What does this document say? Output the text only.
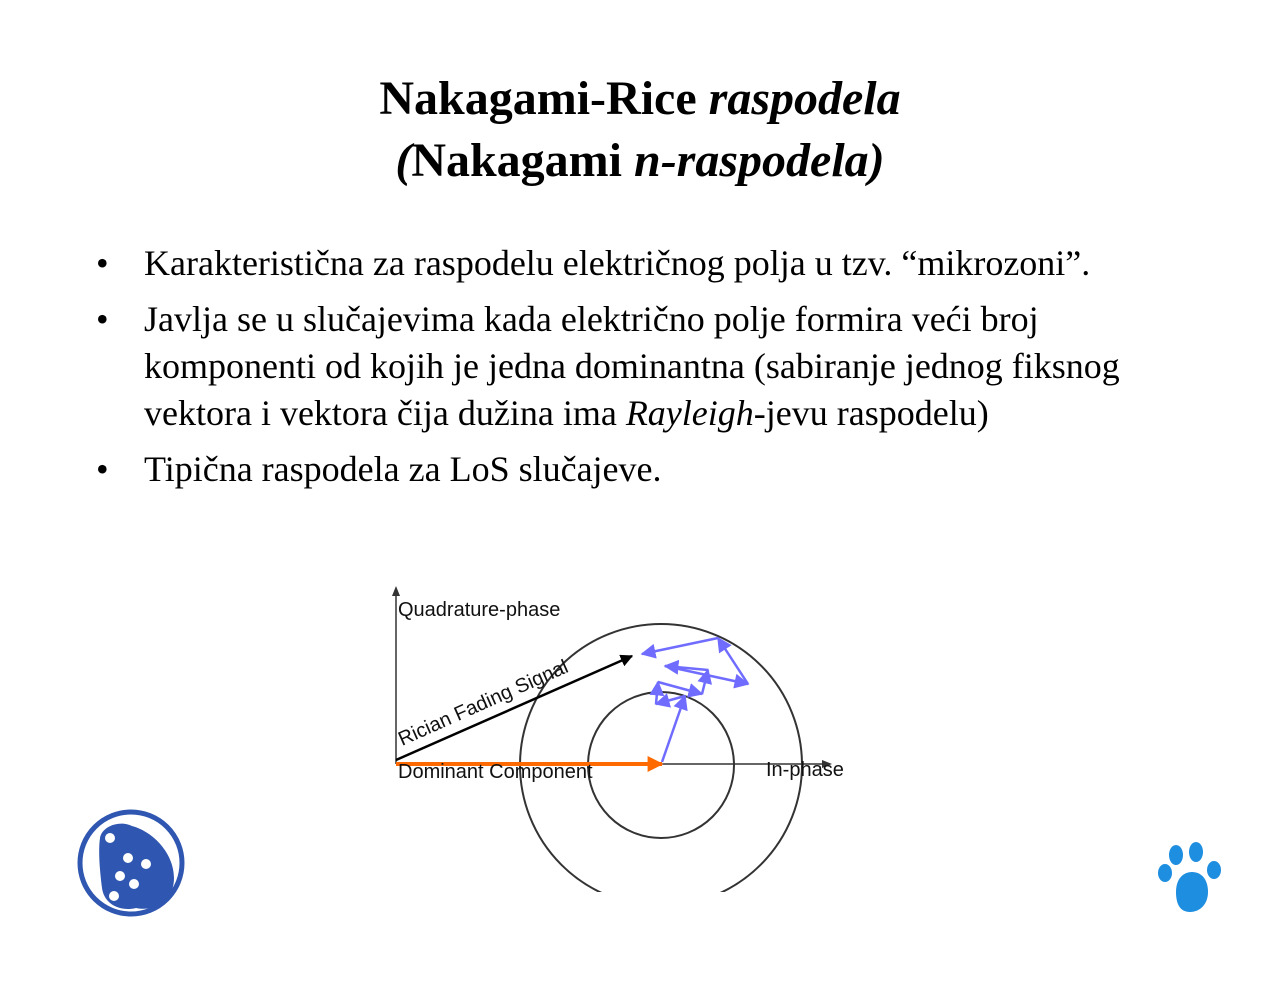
Nakagami-Rice raspodela
(Nakagami n-raspodela)
• Karakteristična za raspodelu električnog polja u tzv. “mikrozoni”.
• Javlja se u slučajevima kada električno polje formira veći broj komponenti od kojih je jedna dominantna (sabiranje jednog fiksnog vektora i vektora čija dužina ima Rayleigh-jevu raspodelu)
• Tipična raspodela za LoS slučajeve.
Quadrature-phase
In-phase
Dominant Component
Rician Fading Signal
